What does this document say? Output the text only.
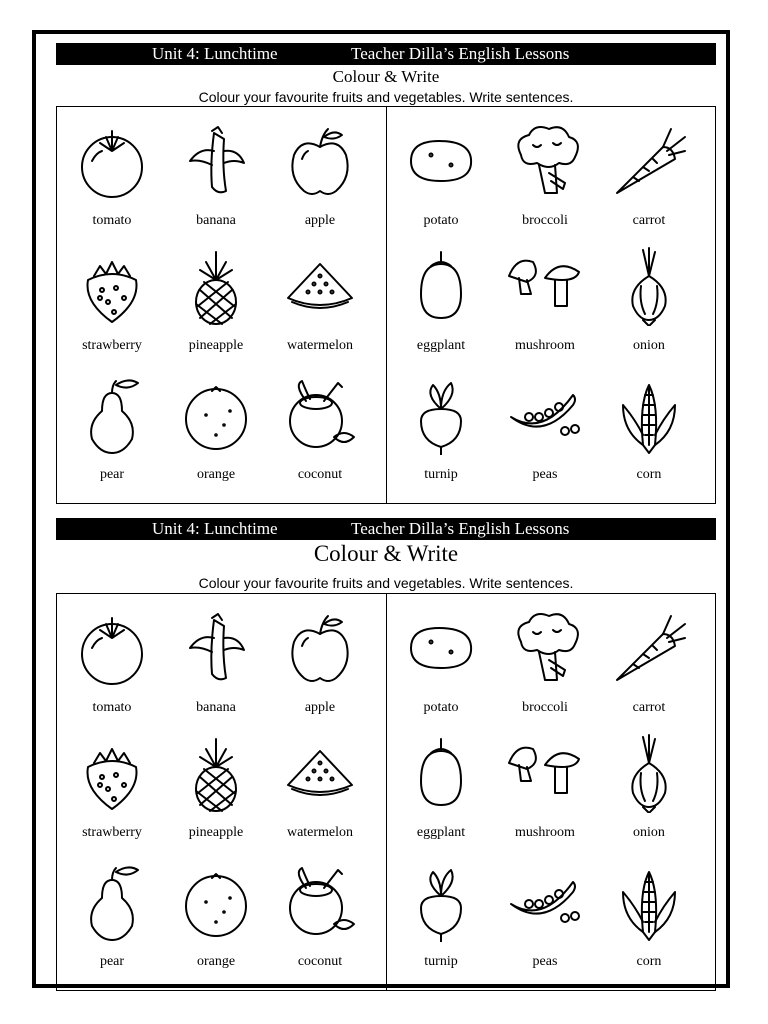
Unit 4: Lunchtime	Teacher Dilla’s English Lessons
Colour & Write
Colour your favourite fruits and vegetables. Write sentences.
tomato	banana	apple
strawberry	pineapple	watermelon
pear	orange	coconut
potato	broccoli	carrot
eggplant	mushroom	onion
turnip	peas	corn
Unit 4: Lunchtime	Teacher Dilla’s English Lessons
Colour & Write
Colour your favourite fruits and vegetables. Write sentences.
tomato	banana	apple
strawberry	pineapple	watermelon
pear	orange	coconut
potato	broccoli	carrot
eggplant	mushroom	onion
turnip	peas	corn
